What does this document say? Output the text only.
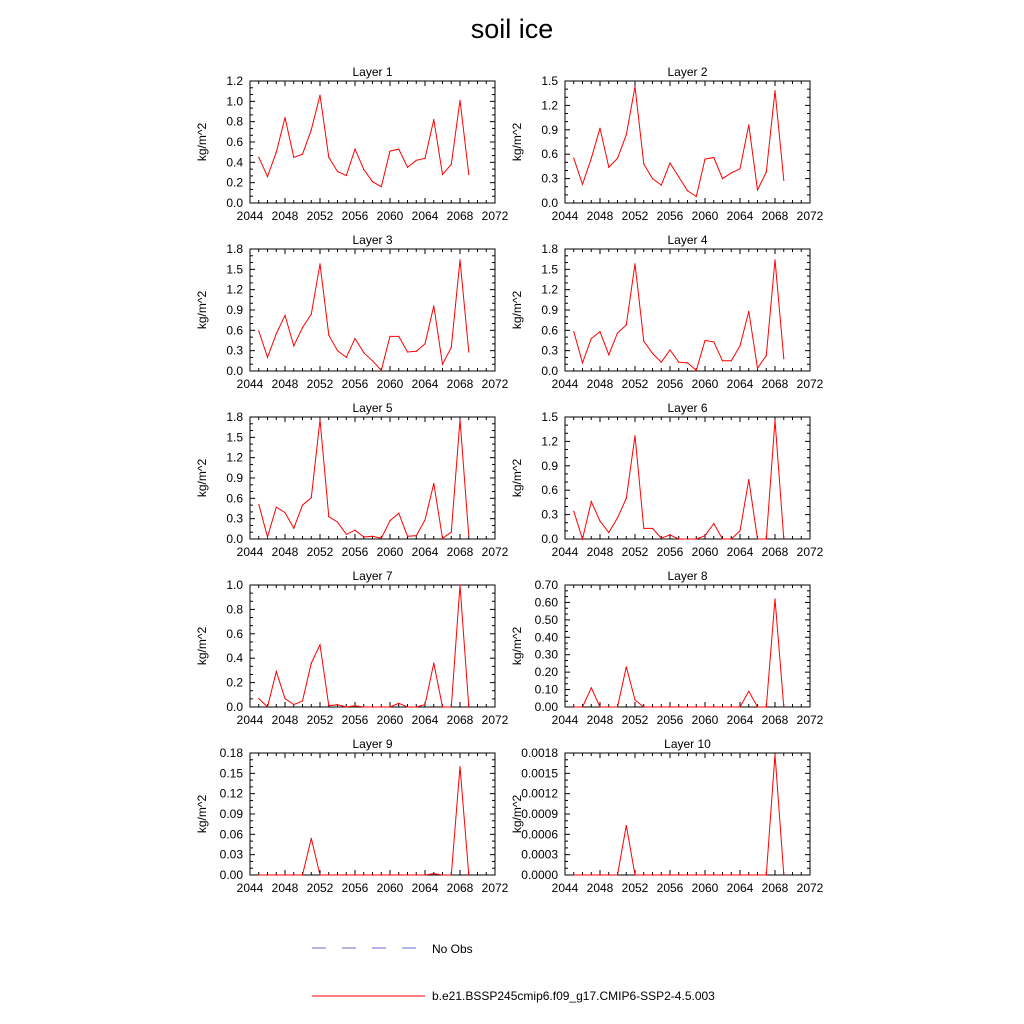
soil ice
2044 2048 2052 2056 2060 2064 2068 2072
0.0
0.2
0.4
0.6
0.8
1.0
1.2
Layer 1
kg/m^2
2044 2048 2052 2056 2060 2064 2068 2072
0.0
0.3
0.6
0.9
1.2
1.5
Layer 2
kg/m^2
2044 2048 2052 2056 2060 2064 2068 2072
0.0
0.3
0.6
0.9
1.2
1.5
1.8
Layer 3
kg/m^2
2044 2048 2052 2056 2060 2064 2068 2072
0.0
0.3
0.6
0.9
1.2
1.5
1.8
Layer 4
kg/m^2
2044 2048 2052 2056 2060 2064 2068 2072
0.0
0.3
0.6
0.9
1.2
1.5
1.8
Layer 5
kg/m^2
2044 2048 2052 2056 2060 2064 2068 2072
0.0
0.3
0.6
0.9
1.2
1.5
Layer 6
kg/m^2
2044 2048 2052 2056 2060 2064 2068 2072
0.0
0.2
0.4
0.6
0.8
1.0
Layer 7
kg/m^2
2044 2048 2052 2056 2060 2064 2068 2072
0.00
0.10
0.20
0.30
0.40
0.50
0.60
0.70
Layer 8
kg/m^2
2044 2048 2052 2056 2060 2064 2068 2072
0.00
0.03
0.06
0.09
0.12
0.15
0.18
Layer 9
kg/m^2
2044 2048 2052 2056 2060 2064 2068 2072
0.0000
0.0003
0.0006
0.0009
0.0012
0.0015
0.0018
Layer 10
kg/m^2
No Obs
b.e21.BSSP245cmip6.f09_g17.CMIP6-SSP2-4.5.003
